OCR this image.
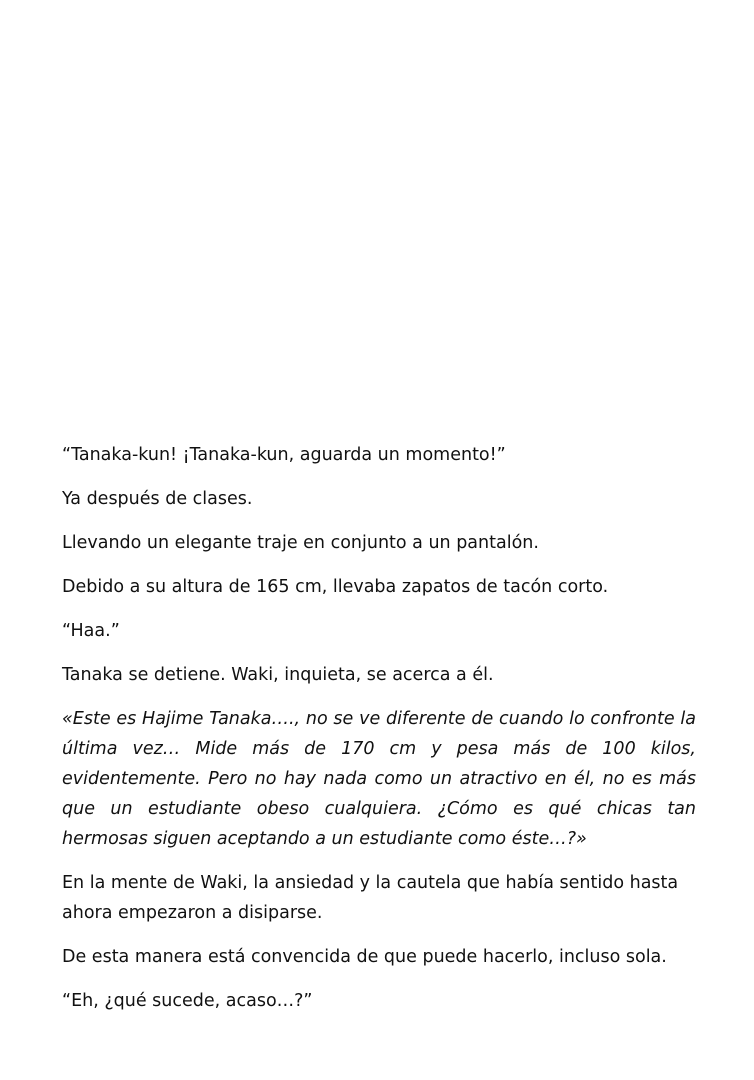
“Tanaka-kun! ¡Tanaka-kun, aguarda un momento!”

Ya después de clases.

Llevando un elegante traje en conjunto a un pantalón.

Debido a su altura de 165 cm, llevaba zapatos de tacón corto.

“Haa.”

Tanaka se detiene. Waki, inquieta, se acerca a él.

«Este es Hajime Tanaka…., no se ve diferente de cuando lo confronte la última vez… Mide más de 170 cm y pesa más de 100 kilos, evidentemente. Pero no hay nada como un atractivo en él, no es más que un estudiante obeso cualquiera. ¿Cómo es qué chicas tan hermosas siguen aceptando a un estudiante como éste…?»

En la mente de Waki, la ansiedad y la cautela que había sentido hasta ahora empezaron a disiparse.

De esta manera está convencida de que puede hacerlo, incluso sola.

“Eh, ¿qué sucede, acaso…?”
